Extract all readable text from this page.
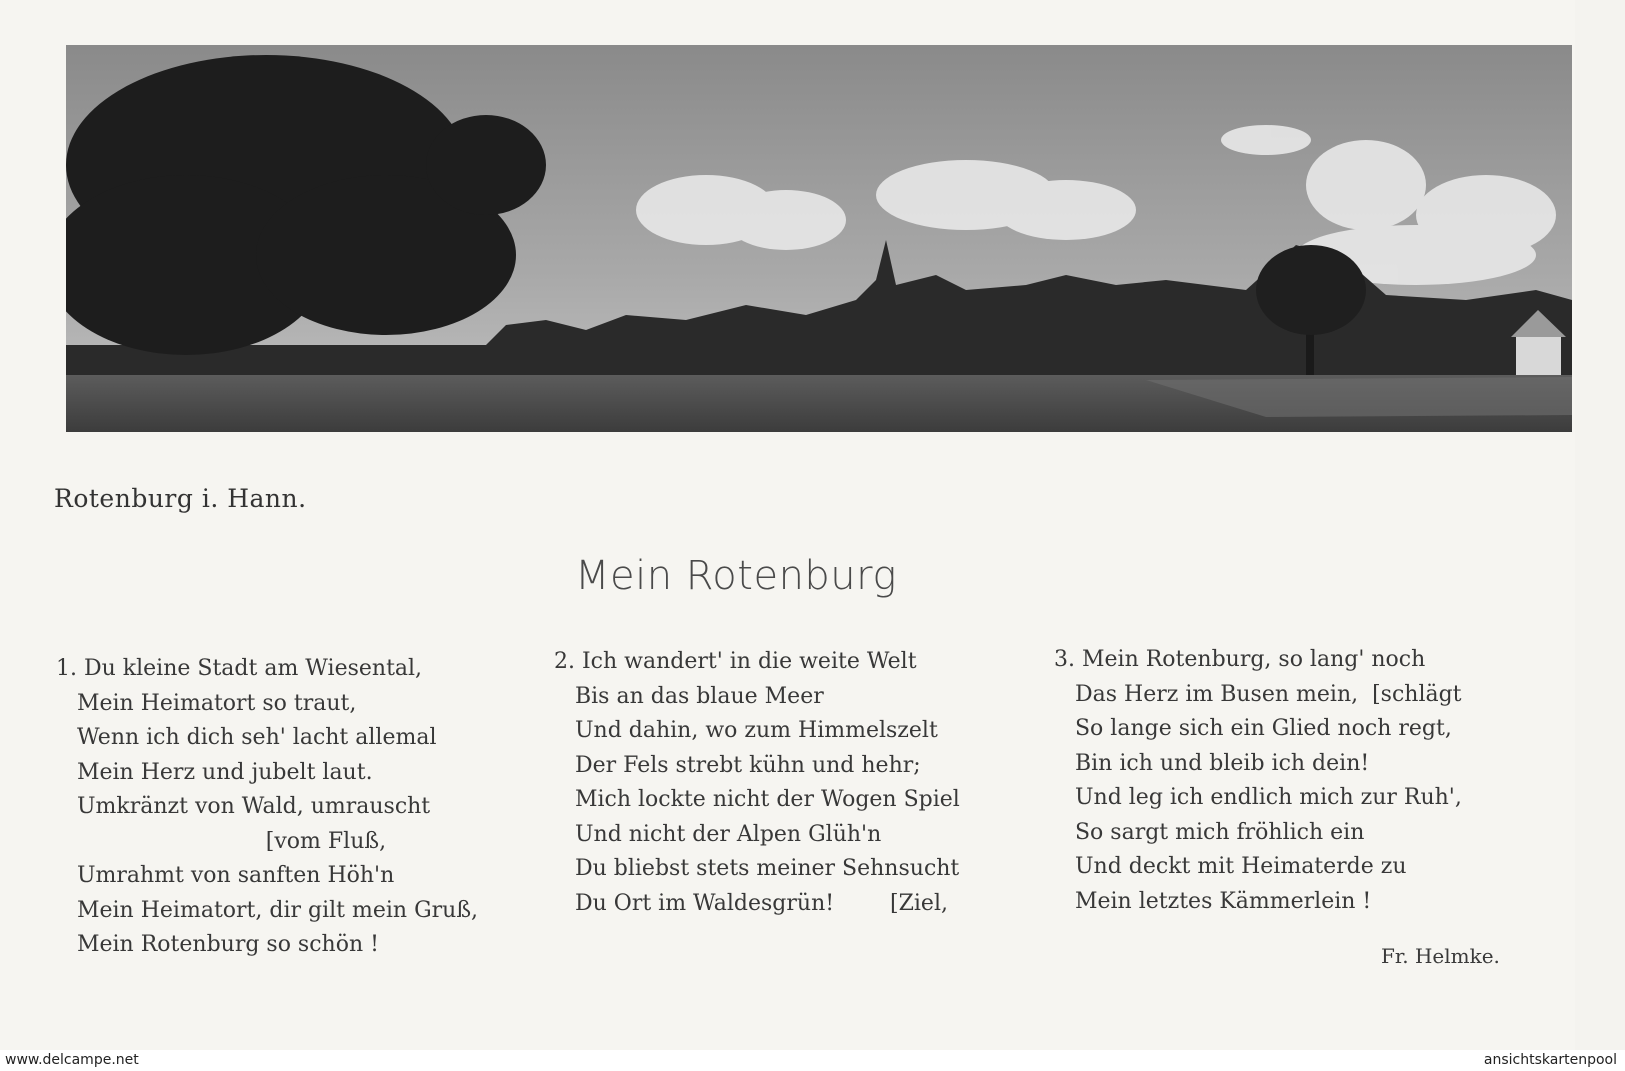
Rotenburg i. Hann.
Mein Rotenburg
1. Du kleine Stadt am Wiesental,
Mein Heimatort so traut,
Wenn ich dich seh' lacht allemal
Mein Herz und jubelt laut.
Umkränzt von Wald, umrauscht
[vom Fluß,
Umrahmt von sanften Höh'n
Mein Heimatort, dir gilt mein Gruß,
Mein Rotenburg so schön !
2. Ich wandert' in die weite Welt
Bis an das blaue Meer
Und dahin, wo zum Himmelszelt
Der Fels strebt kühn und hehr;
Mich lockte nicht der Wogen Spiel
Und nicht der Alpen Glüh'n
Du bliebst stets meiner Sehnsucht
Du Ort im Waldesgrün!        [Ziel,
3. Mein Rotenburg, so lang' noch
Das Herz im Busen mein,  [schlägt
So lange sich ein Glied noch regt,
Bin ich und bleib ich dein!
Und leg ich endlich mich zur Ruh',
So sargt mich fröhlich ein
Und deckt mit Heimaterde zu
Mein letztes Kämmerlein !
Fr. Helmke.
www.delcampe.net	ansichtskartenpool
